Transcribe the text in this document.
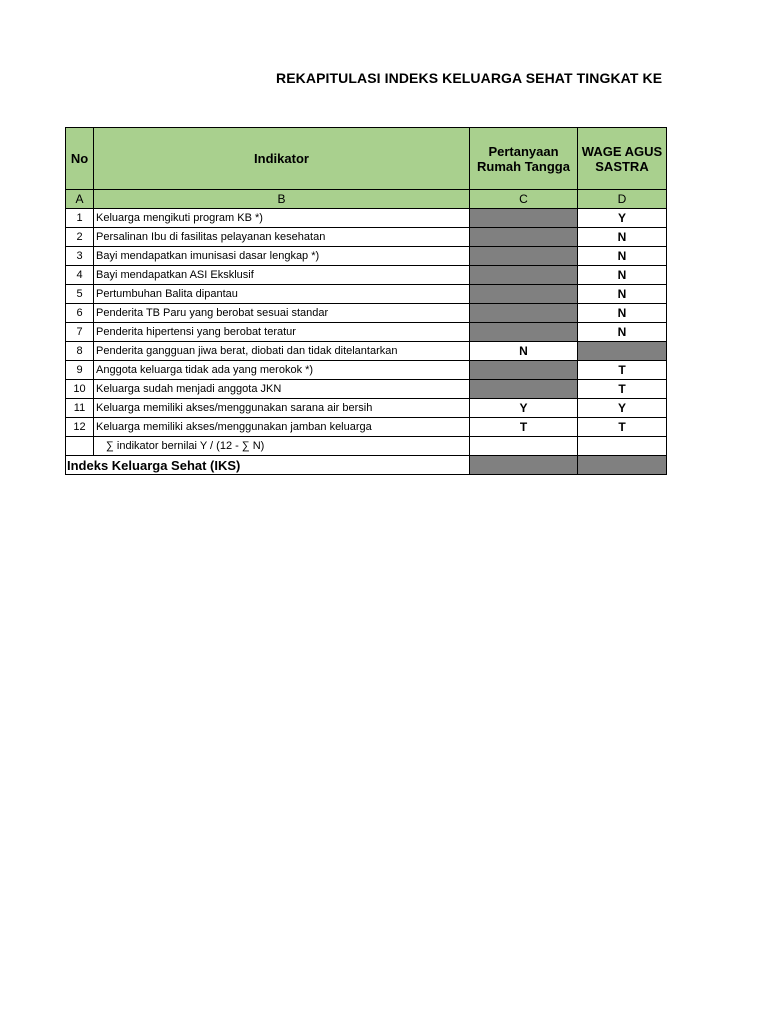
REKAPITULASI INDEKS KELUARGA SEHAT TINGKAT KE
No	Indikator	Pertanyaan Rumah Tangga	WAGE AGUS SASTRA
A	B	C	D
1	Keluarga mengikuti program KB *)		Y
2	Persalinan Ibu di fasilitas pelayanan kesehatan		N
3	Bayi mendapatkan imunisasi dasar lengkap *)		N
4	Bayi mendapatkan ASI Eksklusif		N
5	Pertumbuhan Balita dipantau		N
6	Penderita TB Paru yang berobat sesuai standar		N
7	Penderita hipertensi yang berobat teratur		N
8	Penderita gangguan jiwa berat, diobati dan tidak ditelantarkan	N	
9	Anggota keluarga tidak ada yang merokok *)		T
10	Keluarga sudah menjadi anggota JKN		T
11	Keluarga memiliki akses/menggunakan sarana air bersih	Y	Y
12	Keluarga memiliki akses/menggunakan jamban keluarga	T	T
	∑ indikator bernilai Y / (12 - ∑ N)		
Indeks Keluarga Sehat (IKS)			
